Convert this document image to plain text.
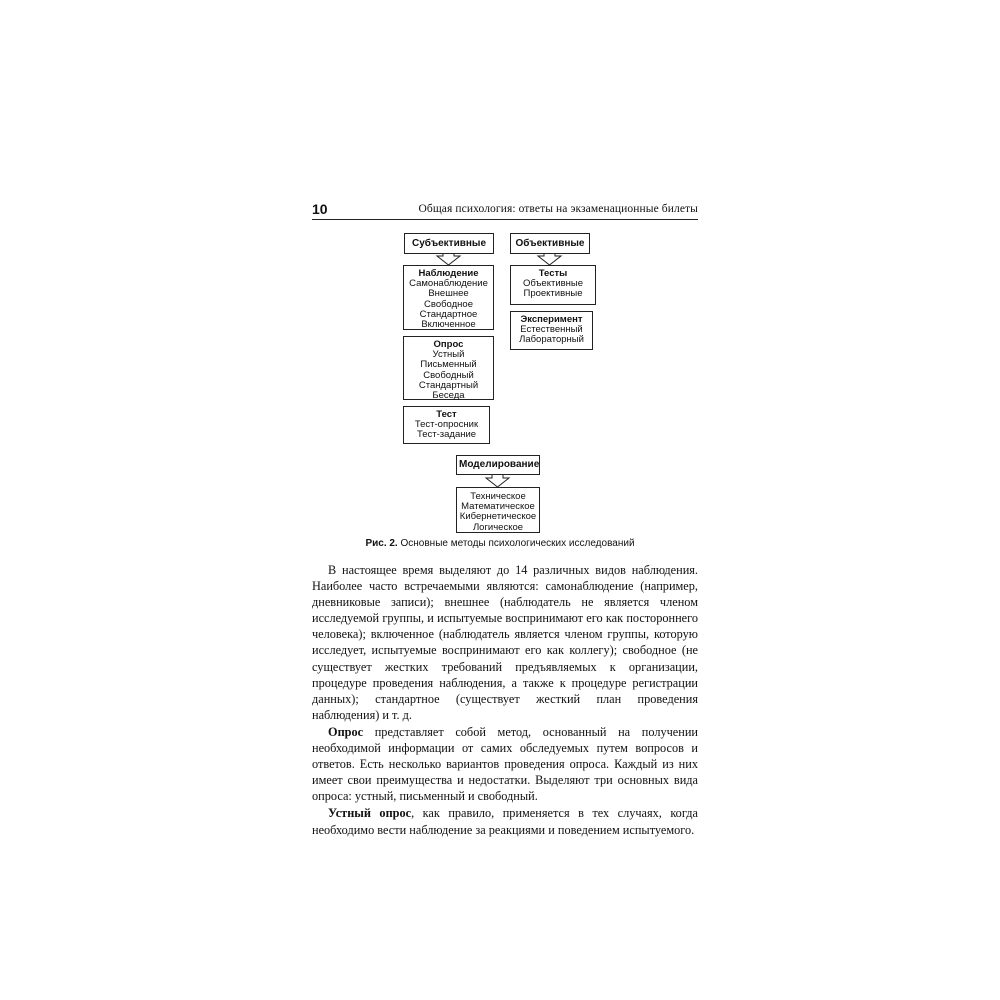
10	Общая психология: ответы на экзаменационные билеты
Субъективные
Наблюдение
Самонаблюдение
Внешнее
Свободное
Стандартное
Включенное
Опрос
Устный
Письменный
Свободный
Стандартный
Беседа
Тест
Тест-опросник
Тест-задание
Объективные
Тесты
Объективные
Проективные
Эксперимент
Естественный
Лабораторный
Моделирование
Техническое
Математическое
Кибернетическое
Логическое
Рис. 2. Основные методы психологических исследований

В настоящее время выделяют до 14 различных видов наблюдения. Наиболее часто встречаемыми являются: самонаблюдение (например, дневниковые записи); внешнее (наблюдатель не является членом исследуемой группы, и испытуемые воспринимают его как постороннего человека); включенное (наблюдатель является членом группы, которую исследует, испытуемые воспринимают его как коллегу); свободное (не существует жестких требований предъявляемых к организации, процедуре проведения наблюдения, а также к процедуре регистрации данных); стандартное (существует жесткий план проведения наблюдения) и т. д.

Опрос представляет собой метод, основанный на получении необходимой информации от самих обследуемых путем вопросов и ответов. Есть несколько вариантов проведения опроса. Каждый из них имеет свои преимущества и недостатки. Выделяют три основных вида опроса: устный, письменный и свободный.

Устный опрос, как правило, применяется в тех случаях, когда необходимо вести наблюдение за реакциями и поведением испытуемого.
